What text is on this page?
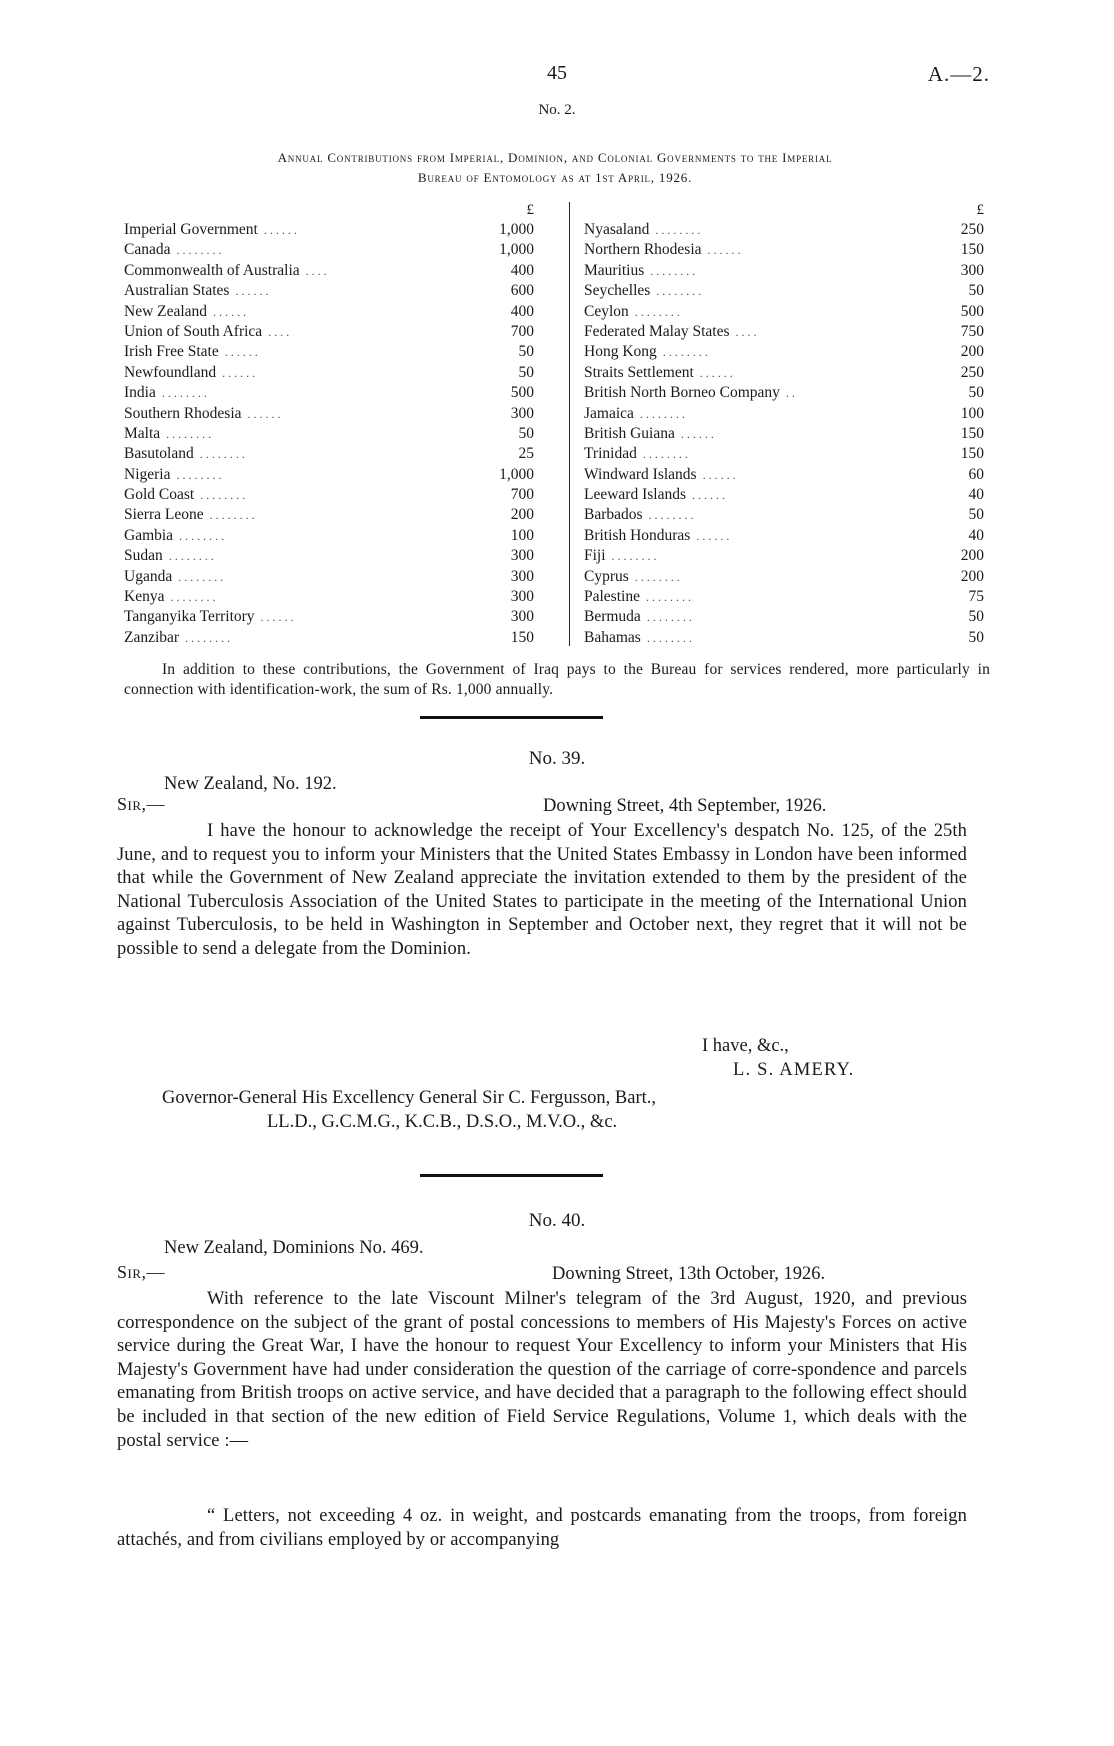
45	A.—2.
No. 2.
Annual Contributions from Imperial, Dominion, and Colonial Governments to the Imperial
Bureau of Entomology as at 1st April, 1926.
£
Imperial Government . . . . . .	1,000
Canada . . . . . . . .	1,000
Commonwealth of Australia . . . .	400
Australian States . . . . . .	600
New Zealand . . . . . .	400
Union of South Africa . . . .	700
Irish Free State . . . . . .	50
Newfoundland . . . . . .	50
India . . . . . . . .	500
Southern Rhodesia . . . . . .	300
Malta . . . . . . . .	50
Basutoland . . . . . . . .	25
Nigeria . . . . . . . .	1,000
Gold Coast . . . . . . . .	700
Sierra Leone . . . . . . . .	200
Gambia . . . . . . . .	100
Sudan . . . . . . . .	300
Uganda . . . . . . . .	300
Kenya . . . . . . . .	300
Tanganyika Territory . . . . . .	300
Zanzibar . . . . . . . .	150
£
Nyasaland . . . . . . . .	250
Northern Rhodesia . . . . . .	150
Mauritius . . . . . . . .	300
Seychelles . . . . . . . .	50
Ceylon . . . . . . . .	500
Federated Malay States . . . .	750
Hong Kong . . . . . . . .	200
Straits Settlement . . . . . .	250
British North Borneo Company . .	50
Jamaica . . . . . . . .	100
British Guiana . . . . . .	150
Trinidad . . . . . . . .	150
Windward Islands . . . . . .	60
Leeward Islands . . . . . .	40
Barbados . . . . . . . .	50
British Honduras . . . . . .	40
Fiji . . . . . . . .	200
Cyprus . . . . . . . .	200
Palestine . . . . . . . .	75
Bermuda . . . . . . . .	50
Bahamas . . . . . . . .	50
In addition to these contributions, the Government of Iraq pays to the Bureau for services rendered, more particularly in connection with identification-work, the sum of Rs. 1,000 annually.
No. 39.
New Zealand, No. 192.
Sir,—	Downing Street, 4th September, 1926.
I have the honour to acknowledge the receipt of Your Excellency's despatch No. 125, of the 25th June, and to request you to inform your Ministers that the United States Embassy in London have been informed that while the Government of New Zealand appreciate the invitation extended to them by the president of the National Tuberculosis Association of the United States to participate in the meeting of the International Union against Tuberculosis, to be held in Washington in September and October next, they regret that it will not be possible to send a delegate from the Dominion.
I have, &c.,
L. S. AMERY.
Governor-General His Excellency General Sir C. Fergusson, Bart.,
LL.D., G.C.M.G., K.C.B., D.S.O., M.V.O., &c.
No. 40.
New Zealand, Dominions No. 469.
Sir,—	Downing Street, 13th October, 1926.
With reference to the late Viscount Milner's telegram of the 3rd August, 1920, and previous correspondence on the subject of the grant of postal concessions to members of His Majesty's Forces on active service during the Great War, I have the honour to request Your Excellency to inform your Ministers that His Majesty's Government have had under consideration the question of the carriage of corre-spondence and parcels emanating from British troops on active service, and have decided that a paragraph to the following effect should be included in that section of the new edition of Field Service Regulations, Volume 1, which deals with the postal service :—
“ Letters, not exceeding 4 oz. in weight, and postcards emanating from the troops, from foreign attachés, and from civilians employed by or accompanying
